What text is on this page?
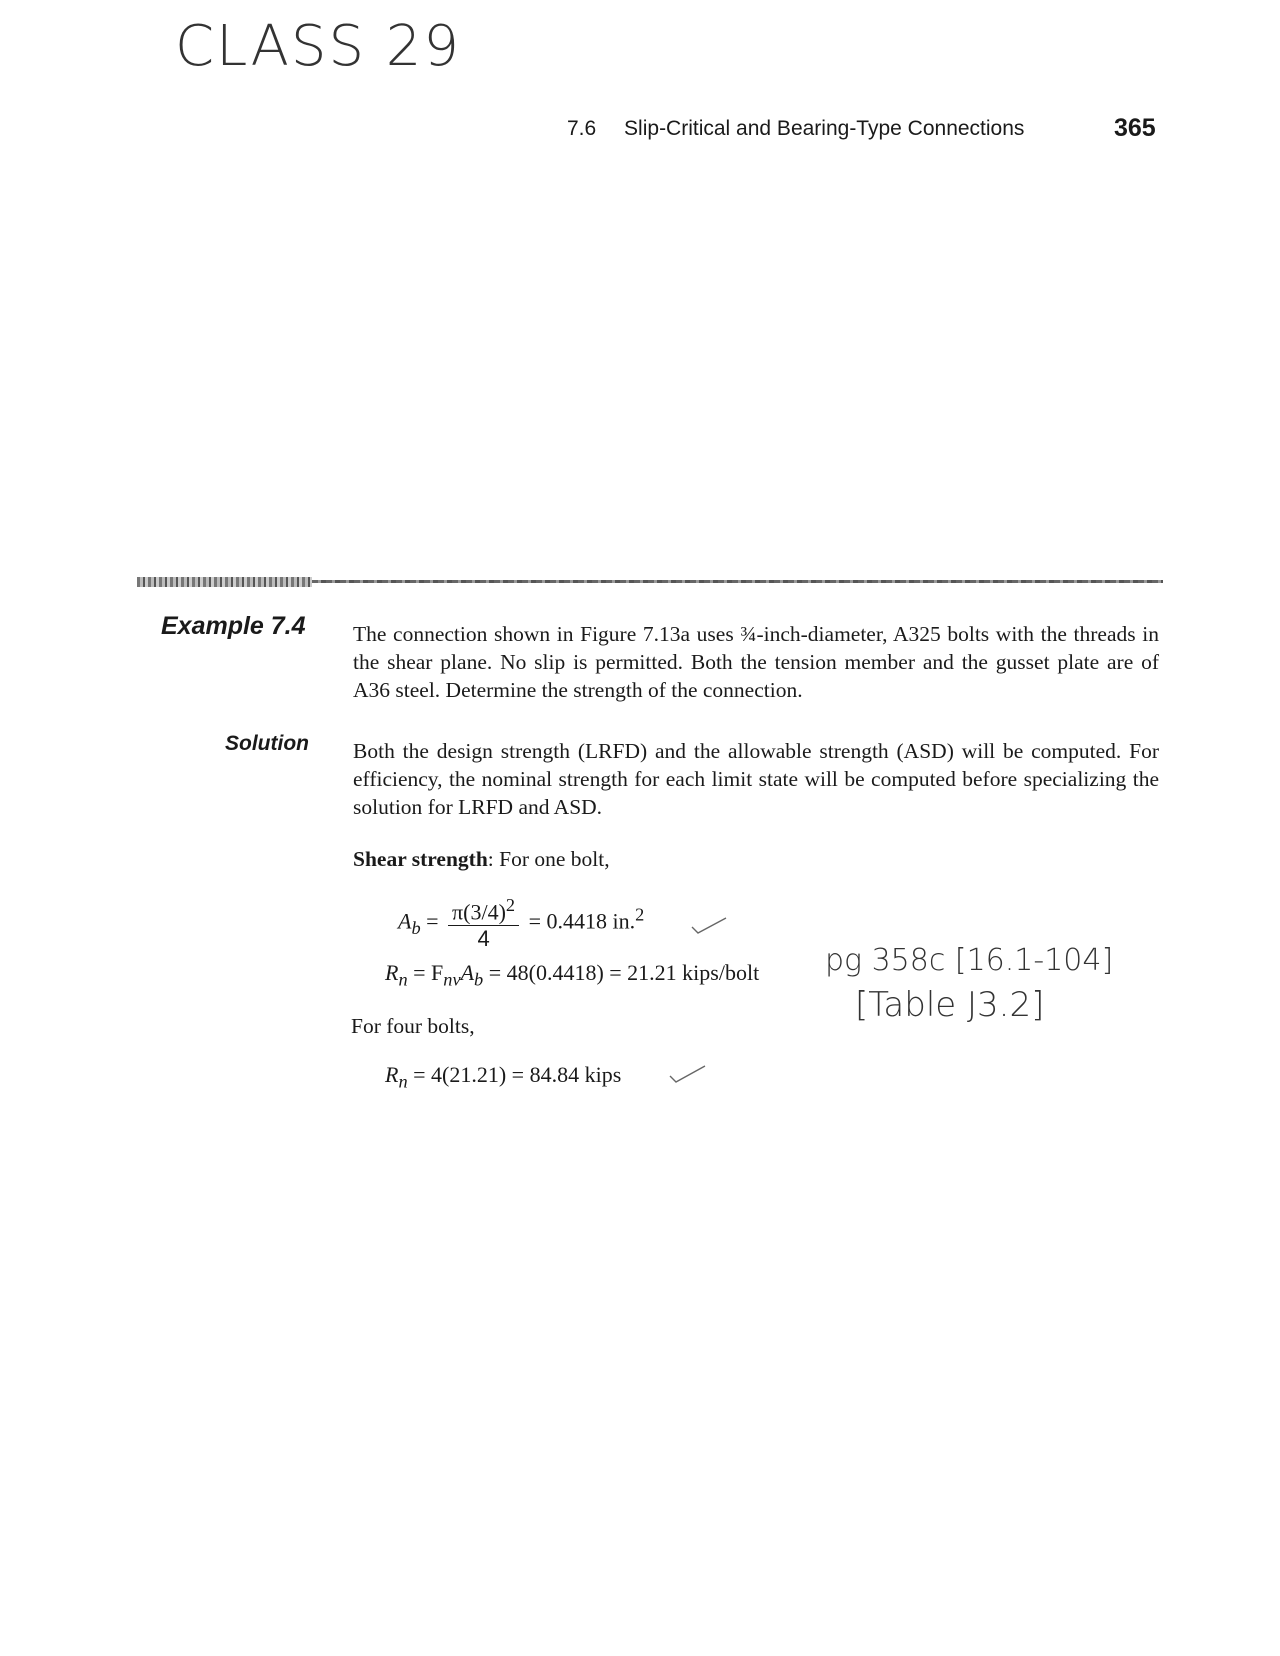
CLASS 29
7.6 Slip-Critical and Bearing-Type Connections	365
Example 7.4 The connection shown in Figure 7.13a uses ¾-inch-diameter, A325 bolts with the threads in the shear plane. No slip is permitted. Both the tension member and the gusset plate are of A36 steel. Determine the strength of the connection.
Solution Both the design strength (LRFD) and the allowable strength (ASD) will be computed. For efficiency, the nominal strength for each limit state will be computed before specializing the solution for LRFD and ASD.
Shear strength: For one bolt,
$A_b = \frac{\pi(3/4)^2}{4} = 0.4418$ in.$^2$
$R_n = F_{nv}A_b = 48(0.4418) = 21.21$ kips/bolt pg 358c [16.1-104]
[Table J3.2]
For four bolts,
$R_n = 4(21.21) = 84.84$ kips
